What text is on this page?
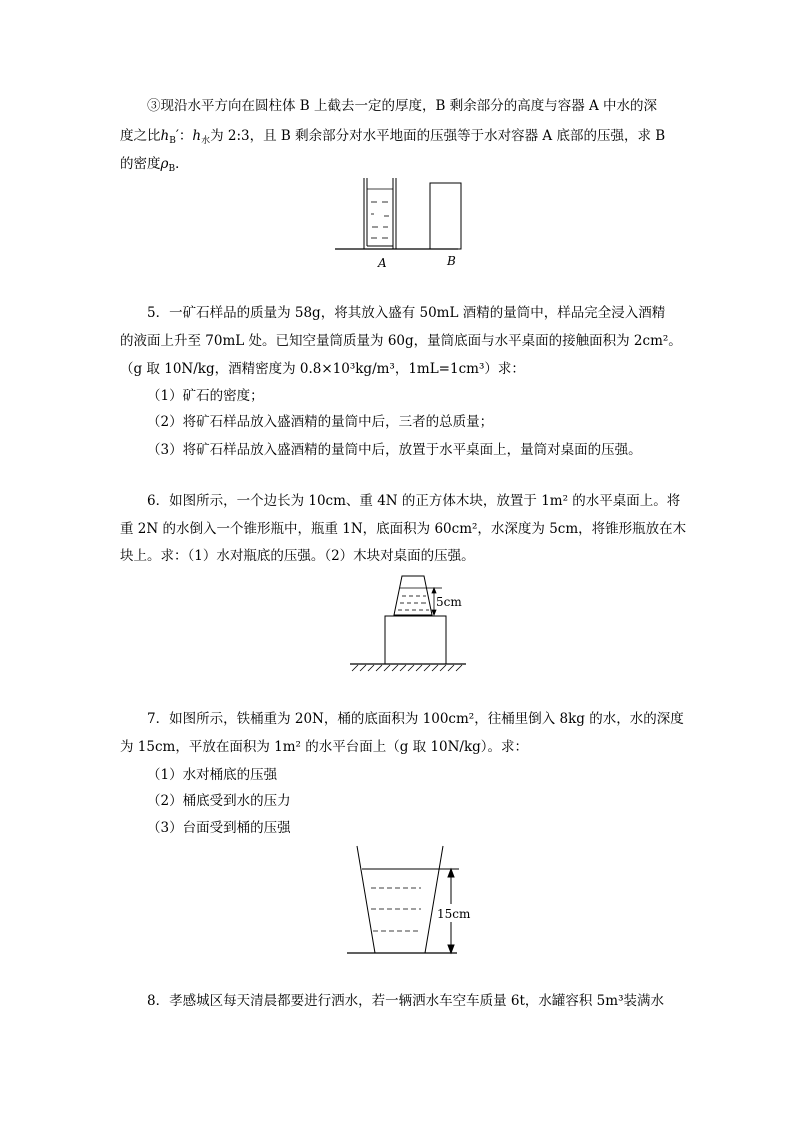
③现沿水平方向在圆柱体 B 上截去一定的厚度，B 剩余部分的高度与容器 A 中水的深
度之比$h_B'$：$h_水$为 2:3，且 B 剩余部分对水平地面的压强等于水对容器 A 底部的压强，求 B
的密度$\rho_B$．
A	B
5．一矿石样品的质量为 58g，将其放入盛有 50mL 酒精的量筒中，样品完全浸入酒精
的液面上升至 70mL 处。已知空量筒质量为 60g，量筒底面与水平桌面的接触面积为 2cm²。
（g 取 10N/kg，酒精密度为 0.8×10³kg/m³，1mL=1cm³）求：
（1）矿石的密度；
（2）将矿石样品放入盛酒精的量筒中后，三者的总质量；
（3）将矿石样品放入盛酒精的量筒中后，放置于水平桌面上，量筒对桌面的压强。
6．如图所示，一个边长为 10cm、重 4N 的正方体木块，放置于 1m² 的水平桌面上。将
重 2N 的水倒入一个锥形瓶中，瓶重 1N，底面积为 60cm²，水深度为 5cm，将锥形瓶放在木
块上。求：（1）水对瓶底的压强。（2）木块对桌面的压强。
5cm
7．如图所示，铁桶重为 20N，桶的底面积为 100cm²，往桶里倒入 8kg 的水，水的深度
为 15cm，平放在面积为 1m² 的水平台面上（g 取 10N/kg）。求：
（1）水对桶底的压强
（2）桶底受到水的压力
（3）台面受到桶的压强
15cm
8．孝感城区每天清晨都要进行洒水，若一辆洒水车空车质量 6t，水罐容积 5m³装满水
